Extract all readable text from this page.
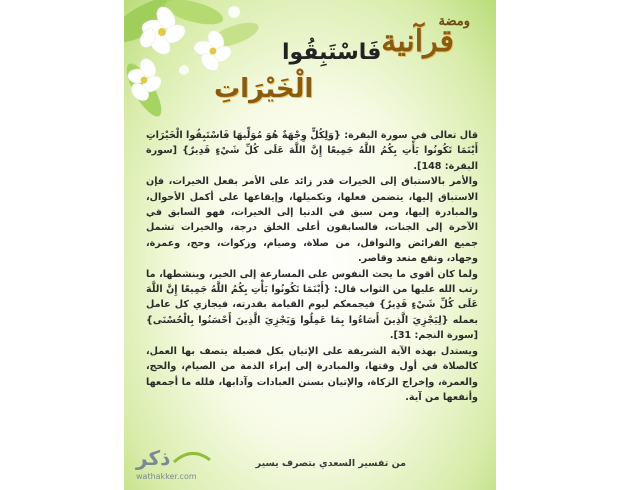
ومضة
قرآنية
فَاسْتَبِقُوا
الْخَيْرَاتِ

قال تعالى في سورة البقرة: {وَلِكُلٍّ وِجْهَةٌ هُوَ مُوَلِّيهَا فَاسْتَبِقُوا الْخَيْرَاتِ أَيْنَمَا تَكُونُوا يَأْتِ بِكُمُ اللَّهُ جَمِيعًا إِنَّ اللَّهَ عَلَى كُلِّ شَيْءٍ قَدِيرٌ} [سورة البقرة: 148].

والأمر بالاستباق إلى الخيرات قدر زائد على الأمر بفعل الخيرات، فإن الاستباق إليها، يتضمن فعلها، وتكميلها، وإيقاعها على أكمل الأحوال، والمبادرة إليها، ومن سبق في الدنيا إلى الخيرات، فهو السابق في الآخرة إلى الجنات، فالسابقون أعلى الخلق درجة، والخيرات تشمل جميع الفرائض والنوافل، من صلاة، وصيام، وزكوات، وحج، وعمرة، وجهاد، ونفع متعد وقاصر.

ولما كان أقوى ما يحث النفوس على المسارعة إلى الخير، وينشطها، ما رتب الله عليها من الثواب قال: {أَيْنَمَا تَكُونُوا يَأْتِ بِكُمُ اللَّهُ جَمِيعًا إِنَّ اللَّهَ عَلَى كُلِّ شَيْءٍ قَدِيرٌ} فيجمعكم ليوم القيامة بقدرته، فيجازي كل عامل بعمله {لِيَجْزِيَ الَّذِينَ أَسَاءُوا بِمَا عَمِلُوا وَيَجْزِيَ الَّذِينَ أَحْسَنُوا بِالْحُسْنَى} [سورة النجم: 31].

ويستدل بهذه الآية الشريفة على الإتيان بكل فضيلة يتصف بها العمل، كالصلاة في أول وقتها، والمبادرة إلى إبراء الذمة من الصيام، والحج، والعمرة، وإخراج الزكاة، والإتيان بسنن العبادات وآدابها، فلله ما أجمعها وأنفعها من آية.

من تفسير السعدي بتصرف يسير
ذكر
wathakker.com
